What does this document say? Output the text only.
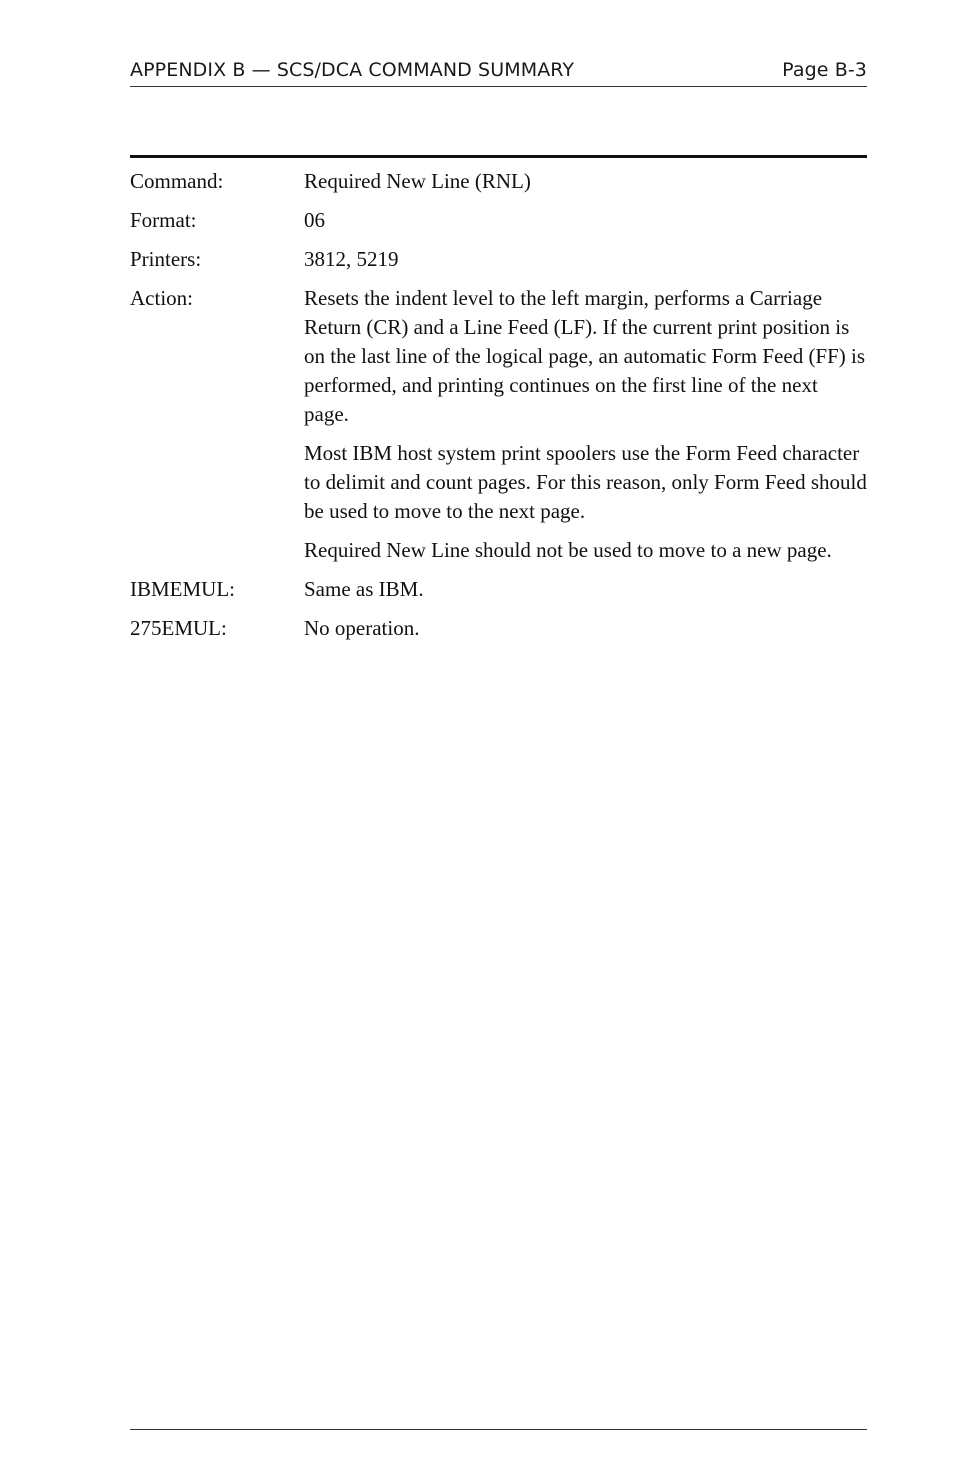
APPENDIX B — SCS/DCA COMMAND SUMMARY	Page B-3
Command:	Required New Line (RNL)

Format:	06

Printers:	3812, 5219

Action:	Resets the indent level to the left margin, performs a Carriage Return (CR) and a Line Feed (LF). If the current print position is on the last line of the logical page, an automatic Form Feed (FF) is performed, and printing continues on the first line of the next page.

Most IBM host system print spoolers use the Form Feed character to delimit and count pages. For this reason, only Form Feed should be used to move to the next page.

Required New Line should not be used to move to a new page.

IBMEMUL:	Same as IBM.

275EMUL:	No operation.
